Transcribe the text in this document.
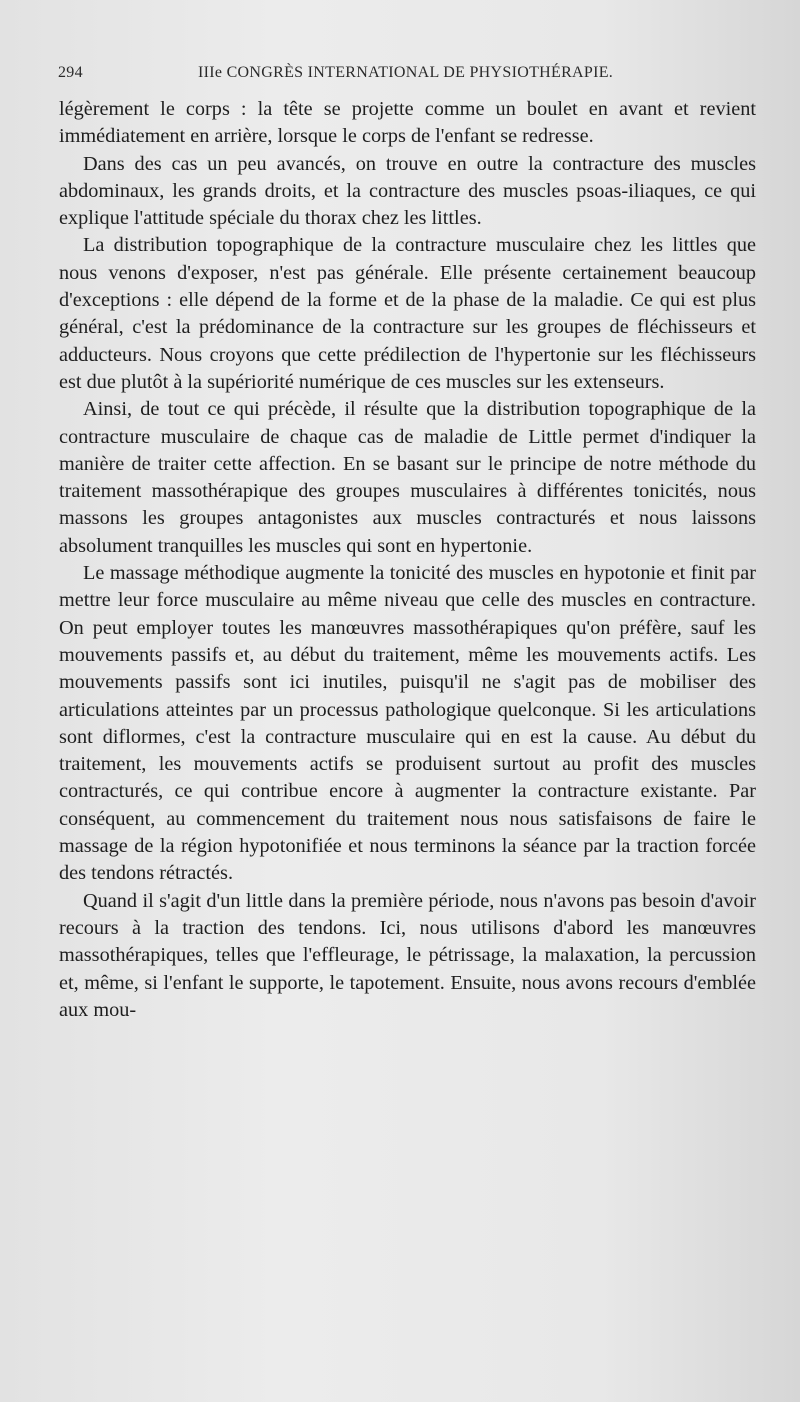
294	IIIe CONGRÈS INTERNATIONAL DE PHYSIOTHÉRAPIE.

légèrement le corps : la tête se projette comme un boulet en avant et revient immédiatement en arrière, lorsque le corps de l'enfant se redresse.

Dans des cas un peu avancés, on trouve en outre la contracture des muscles abdominaux, les grands droits, et la contracture des muscles psoas-iliaques, ce qui explique l'attitude spéciale du thorax chez les littles.

La distribution topographique de la contracture musculaire chez les littles que nous venons d'exposer, n'est pas générale. Elle présente certainement beaucoup d'exceptions : elle dépend de la forme et de la phase de la maladie. Ce qui est plus général, c'est la prédominance de la contracture sur les groupes de fléchisseurs et adducteurs. Nous croyons que cette prédilection de l'hypertonie sur les fléchisseurs est due plutôt à la supériorité numérique de ces muscles sur les extenseurs.

Ainsi, de tout ce qui précède, il résulte que la distribution topographique de la contracture musculaire de chaque cas de maladie de Little permet d'indiquer la manière de traiter cette affection. En se basant sur le principe de notre méthode du traitement massothérapique des groupes musculaires à différentes tonicités, nous massons les groupes antagonistes aux muscles contracturés et nous laissons absolument tranquilles les muscles qui sont en hypertonie.

Le massage méthodique augmente la tonicité des muscles en hypotonie et finit par mettre leur force musculaire au même niveau que celle des muscles en contracture. On peut employer toutes les manœuvres massothérapiques qu'on préfère, sauf les mouvements passifs et, au début du traitement, même les mouvements actifs. Les mouvements passifs sont ici inutiles, puisqu'il ne s'agit pas de mobiliser des articulations atteintes par un processus pathologique quelconque. Si les articulations sont diflormes, c'est la contracture musculaire qui en est la cause. Au début du traitement, les mouvements actifs se produisent surtout au profit des muscles contracturés, ce qui contribue encore à augmenter la contracture existante. Par conséquent, au commencement du traitement nous nous satisfaisons de faire le massage de la région hypotonifiée et nous terminons la séance par la traction forcée des tendons rétractés.

Quand il s'agit d'un little dans la première période, nous n'avons pas besoin d'avoir recours à la traction des tendons. Ici, nous utilisons d'abord les manœuvres massothérapiques, telles que l'effleurage, le pétrissage, la malaxation, la percussion et, même, si l'enfant le supporte, le tapotement. Ensuite, nous avons recours d'emblée aux mou-
